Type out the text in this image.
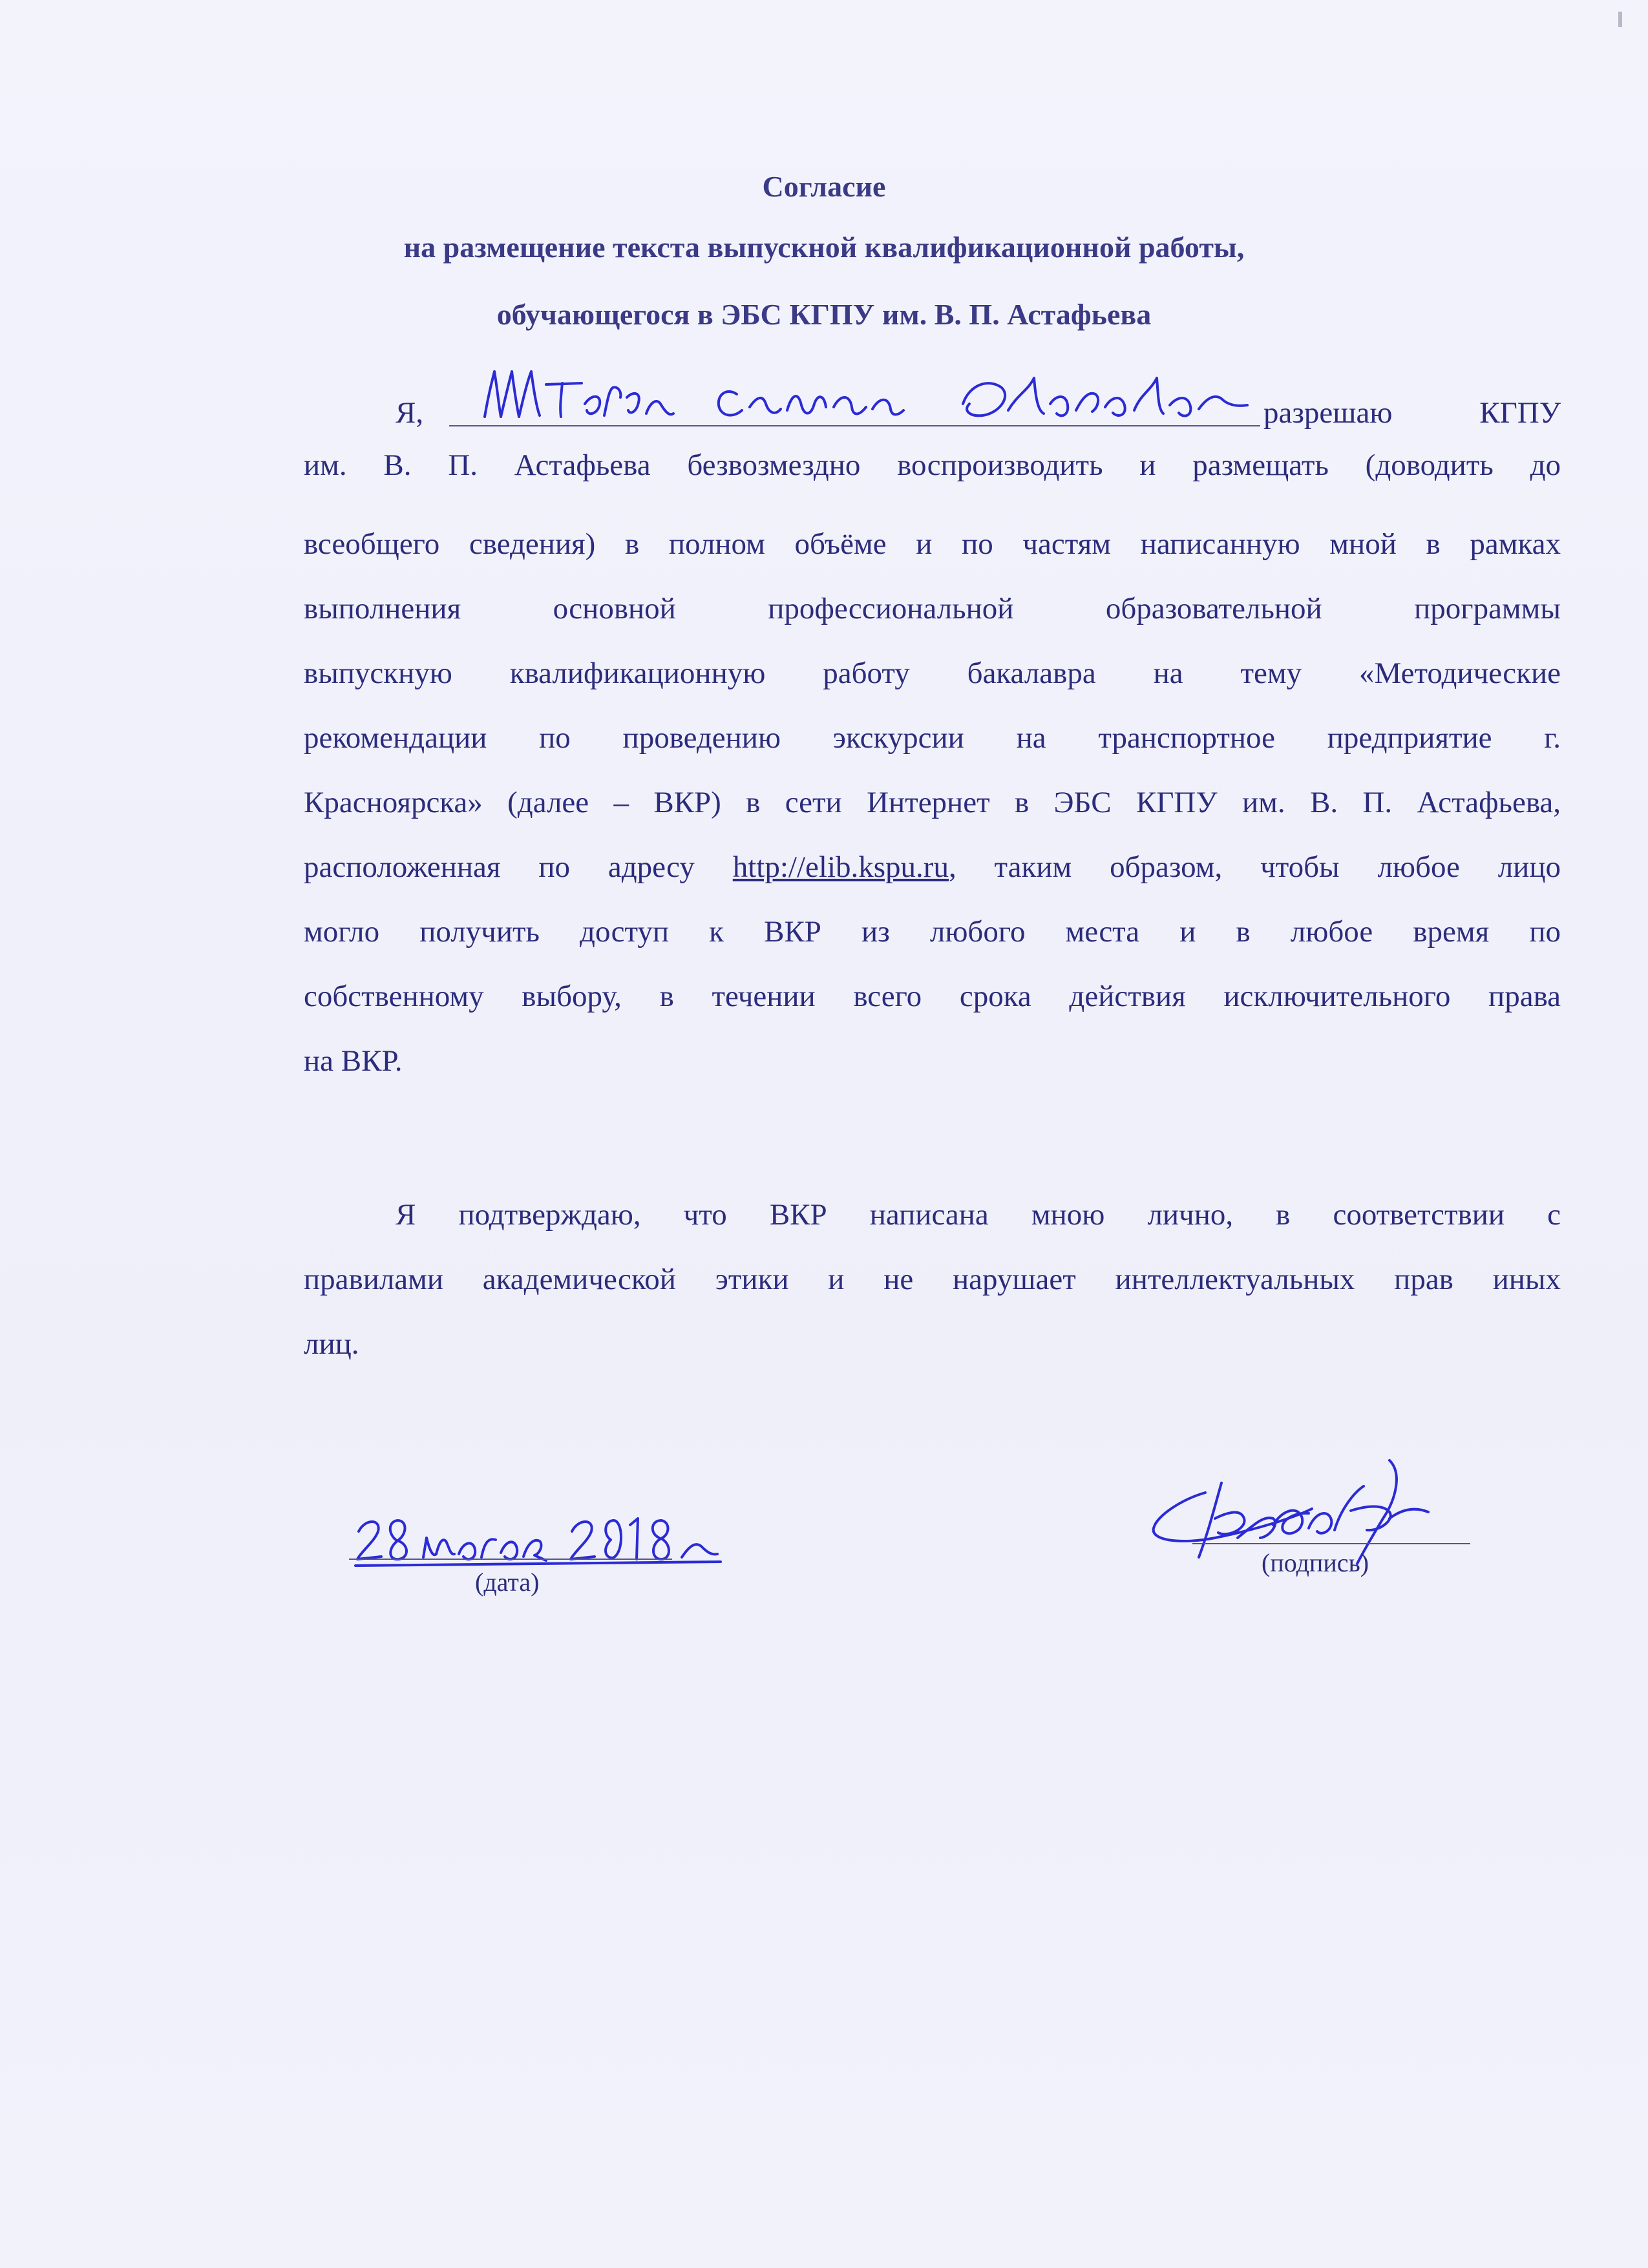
Согласие
на размещение текста выпускной квалификационной работы,
обучающегося в ЭБС КГПУ им. В. П. Астафьева
Я,	разрешаю КГПУ
им. В. П. Астафьева безвозмездно воспроизводить и размещать (доводить до
всеобщего сведения) в полном объёме и по частям написанную мной в рамках
выполнения основной профессиональной образовательной программы
выпускную квалификационную работу бакалавра на тему «Методические
рекомендации по проведению экскурсии на транспортное предприятие г.
Красноярска» (далее – ВКР) в сети Интернет в ЭБС КГПУ им. В. П. Астафьева,
расположенная по адресу http://elib.kspu.ru, таким образом, чтобы любое лицо
могло получить доступ к ВКР из любого места и в любое время по
собственному выбору, в течении всего срока действия исключительного права
на ВКР.
Я подтверждаю, что ВКР написана мною лично, в соответствии с
правилами академической этики и не нарушает интеллектуальных прав иных
лиц.
(дата)
(подпись)
